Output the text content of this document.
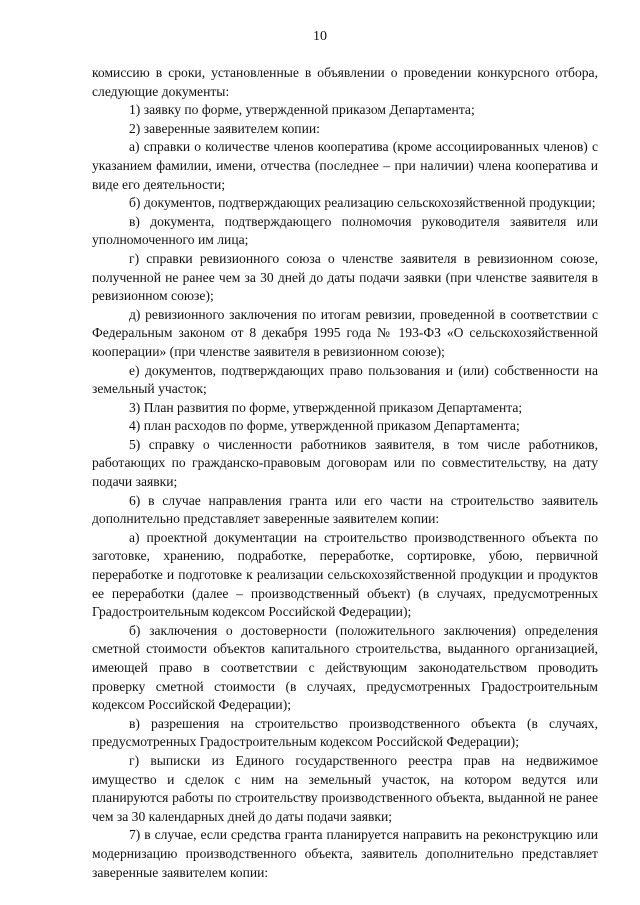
10

комиссию в сроки, установленные в объявлении о проведении конкурсного отбора, следующие документы:

1) заявку по форме, утвержденной приказом Департамента;

2) заверенные заявителем копии:

а) справки о количестве членов кооператива (кроме ассоциированных членов) с указанием фамилии, имени, отчества (последнее – при наличии) члена кооператива и виде его деятельности;

б) документов, подтверждающих реализацию сельскохозяйственной продукции;

в) документа, подтверждающего полномочия руководителя заявителя или уполномоченного им лица;

г) справки ревизионного союза о членстве заявителя в ревизионном союзе, полученной не ранее чем за 30 дней до даты подачи заявки (при членстве заявителя в ревизионном союзе);

д) ревизионного заключения по итогам ревизии, проведенной в соответствии с Федеральным законом от 8 декабря 1995 года № 193-ФЗ «О сельскохозяйственной кооперации» (при членстве заявителя в ревизионном союзе);

е) документов, подтверждающих право пользования и (или) собственности на земельный участок;

3) План развития по форме, утвержденной приказом Департамента;

4) план расходов по форме, утвержденной приказом Департамента;

5) справку о численности работников заявителя, в том числе работников, работающих по гражданско-правовым договорам или по совместительству, на дату подачи заявки;

6) в случае направления гранта или его части на строительство заявитель дополнительно представляет заверенные заявителем копии:

а) проектной документации на строительство производственного объекта по заготовке, хранению, подработке, переработке, сортировке, убою, первичной переработке и подготовке к реализации сельскохозяйственной продукции и продуктов ее переработки (далее – производственный объект) (в случаях, предусмотренных Градостроительным кодексом Российской Федерации);

б) заключения о достоверности (положительного заключения) определения сметной стоимости объектов капитального строительства, выданного организацией, имеющей право в соответствии с действующим законодательством проводить проверку сметной стоимости (в случаях, предусмотренных Градостроительным кодексом Российской Федерации);

в) разрешения на строительство производственного объекта (в случаях, предусмотренных Градостроительным кодексом Российской Федерации);

г) выписки из Единого государственного реестра прав на недвижимое имущество и сделок с ним на земельный участок, на котором ведутся или планируются работы по строительству производственного объекта, выданной не ранее чем за 30 календарных дней до даты подачи заявки;

7) в случае, если средства гранта планируется направить на реконструкцию или модернизацию производственного объекта, заявитель дополнительно представляет заверенные заявителем копии:
